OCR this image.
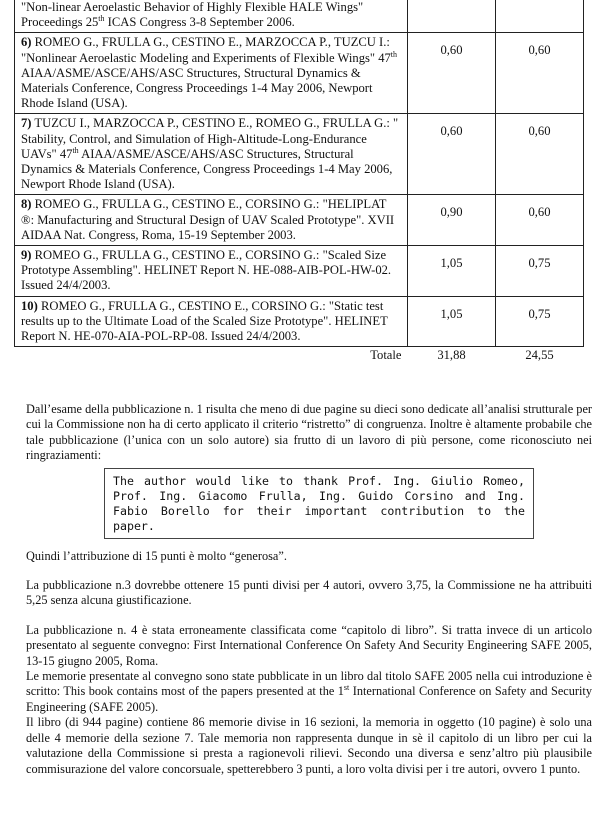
"Non-linear Aeroelastic Behavior of Highly Flexible HALE Wings" Proceedings 25th ICAS Congress 3-8 September 2006.		
6) ROMEO G., FRULLA G., CESTINO E., MARZOCCA P., TUZCU I.: "Nonlinear Aeroelastic Modeling and Experiments of Flexible Wings" 47th AIAA/ASME/ASCE/AHS/ASC Structures, Structural Dynamics & Materials Conference, Congress Proceedings 1-4 May 2006, Newport Rhode Island (USA).	0,60	0,60
7) TUZCU I., MARZOCCA P., CESTINO E., ROMEO G., FRULLA G.: " Stability, Control, and Simulation of High-Altitude-Long-Endurance UAVs" 47th AIAA/ASME/ASCE/AHS/ASC Structures, Structural Dynamics & Materials Conference, Congress Proceedings 1-4 May 2006, Newport Rhode Island (USA).	0,60	0,60
8) ROMEO G., FRULLA G., CESTINO E., CORSINO G.: "HELIPLAT ®: Manufacturing and Structural Design of UAV Scaled Prototype". XVII AIDAA Nat. Congress, Roma, 15-19 September 2003.	0,90	0,60
9) ROMEO G., FRULLA G., CESTINO E., CORSINO G.: "Scaled Size Prototype Assembling". HELINET Report N. HE-088-AIB-POL-HW-02. Issued 24/4/2003.	1,05	0,75
10) ROMEO G., FRULLA G., CESTINO E., CORSINO G.: "Static test results up to the Ultimate Load of the Scaled Size Prototype". HELINET Report N. HE-070-AIA-POL-RP-08. Issued 24/4/2003.	1,05	0,75
Totale	31,88	24,55

Dall’esame della pubblicazione n. 1 risulta che meno di due pagine su dieci sono dedicate all’analisi strutturale per cui la Commissione non ha di certo applicato il criterio “ristretto” di congruenza. Inoltre è altamente probabile che tale pubblicazione (l’unica con un solo autore) sia frutto di un lavoro di più persone, come riconosciuto nei ringraziamenti:

The author would like to thank Prof. Ing. Giulio Romeo, Prof. Ing. Giacomo Frulla, Ing. Guido Corsino and Ing. Fabio Borello for their important contribution to the paper.

Quindi l’attribuzione di 15 punti è molto “generosa”.

La pubblicazione n.3 dovrebbe ottenere 15 punti divisi per 4 autori, ovvero 3,75, la Commissione ne ha attribuiti 5,25 senza alcuna giustificazione.

La pubblicazione n. 4 è stata erroneamente classificata come “capitolo di libro”. Si tratta invece di un articolo presentato al seguente convegno: First International Conference On Safety And Security Engineering SAFE 2005, 13-15 giugno 2005, Roma.

Le memorie presentate al convegno sono state pubblicate in un libro dal titolo SAFE 2005 nella cui introduzione è scritto: This book contains most of the papers presented at the 1st International Conference on Safety and Security Engineering (SAFE 2005).

Il libro (di 944 pagine) contiene 86 memorie divise in 16 sezioni, la memoria in oggetto (10 pagine) è solo una delle 4 memorie della sezione 7. Tale memoria non rappresenta dunque in sè il capitolo di un libro per cui la valutazione della Commissione si presta a ragionevoli rilievi. Secondo una diversa e senz’altro più plausibile commisurazione del valore concorsuale, spetterebbero 3 punti, a loro volta divisi per i tre autori, ovvero 1 punto.
